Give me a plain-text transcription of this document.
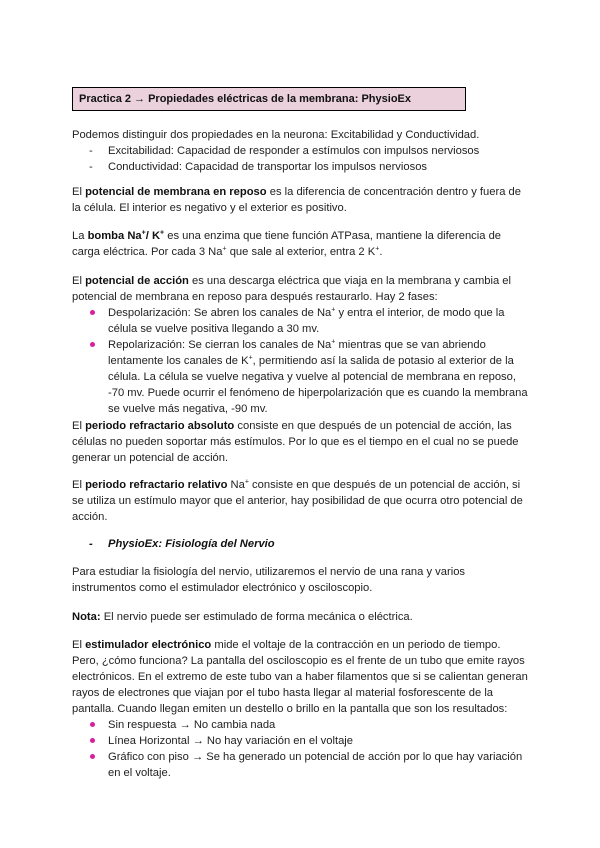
Practica 2 → Propiedades eléctricas de la membrana: PhysioEx

Podemos distinguir dos propiedades en la neurona: Excitabilidad y Conductividad.

- Excitabilidad: Capacidad de responder a estímulos con impulsos nerviosos
- Conductividad: Capacidad de transportar los impulsos nerviosos

El potencial de membrana en reposo es la diferencia de concentración dentro y fuera de la célula. El interior es negativo y el exterior es positivo.

La bomba Na+/ K+ es una enzima que tiene función ATPasa, mantiene la diferencia de carga eléctrica. Por cada 3 Na+ que sale al exterior, entra 2 K+.

El potencial de acción es una descarga eléctrica que viaja en la membrana y cambia el potencial de membrana en reposo para después restaurarlo. Hay 2 fases:

Despolarización: Se abren los canales de Na+ y entra el interior, de modo que la célula se vuelve positiva llegando a 30 mv.
Repolarización: Se cierran los canales de Na+ mientras que se van abriendo lentamente los canales de K+, permitiendo así la salida de potasio al exterior de la célula. La célula se vuelve negativa y vuelve al potencial de membrana en reposo, -70 mv. Puede ocurrir el fenómeno de hiperpolarización que es cuando la membrana se vuelve más negativa, -90 mv.

El periodo refractario absoluto consiste en que después de un potencial de acción, las células no pueden soportar más estímulos. Por lo que es el tiempo en el cual no se puede generar un potencial de acción.

El periodo refractario relativo Na+ consiste en que después de un potencial de acción, si se utiliza un estímulo mayor que el anterior, hay posibilidad de que ocurra otro potencial de acción.

- PhysioEx: Fisiología del Nervio

Para estudiar la fisiología del nervio, utilizaremos el nervio de una rana y varios instrumentos como el estimulador electrónico y osciloscopio.

Nota: El nervio puede ser estimulado de forma mecánica o eléctrica.

El estimulador electrónico mide el voltaje de la contracción en un periodo de tiempo. Pero, ¿cómo funciona? La pantalla del osciloscopio es el frente de un tubo que emite rayos electrónicos. En el extremo de este tubo van a haber filamentos que si se calientan generan rayos de electrones que viajan por el tubo hasta llegar al material fosforescente de la pantalla. Cuando llegan emiten un destello o brillo en la pantalla que son los resultados:

Sin respuesta → No cambia nada
Línea Horizontal → No hay variación en el voltaje
Gráfico con piso → Se ha generado un potencial de acción por lo que hay variación en el voltaje.
